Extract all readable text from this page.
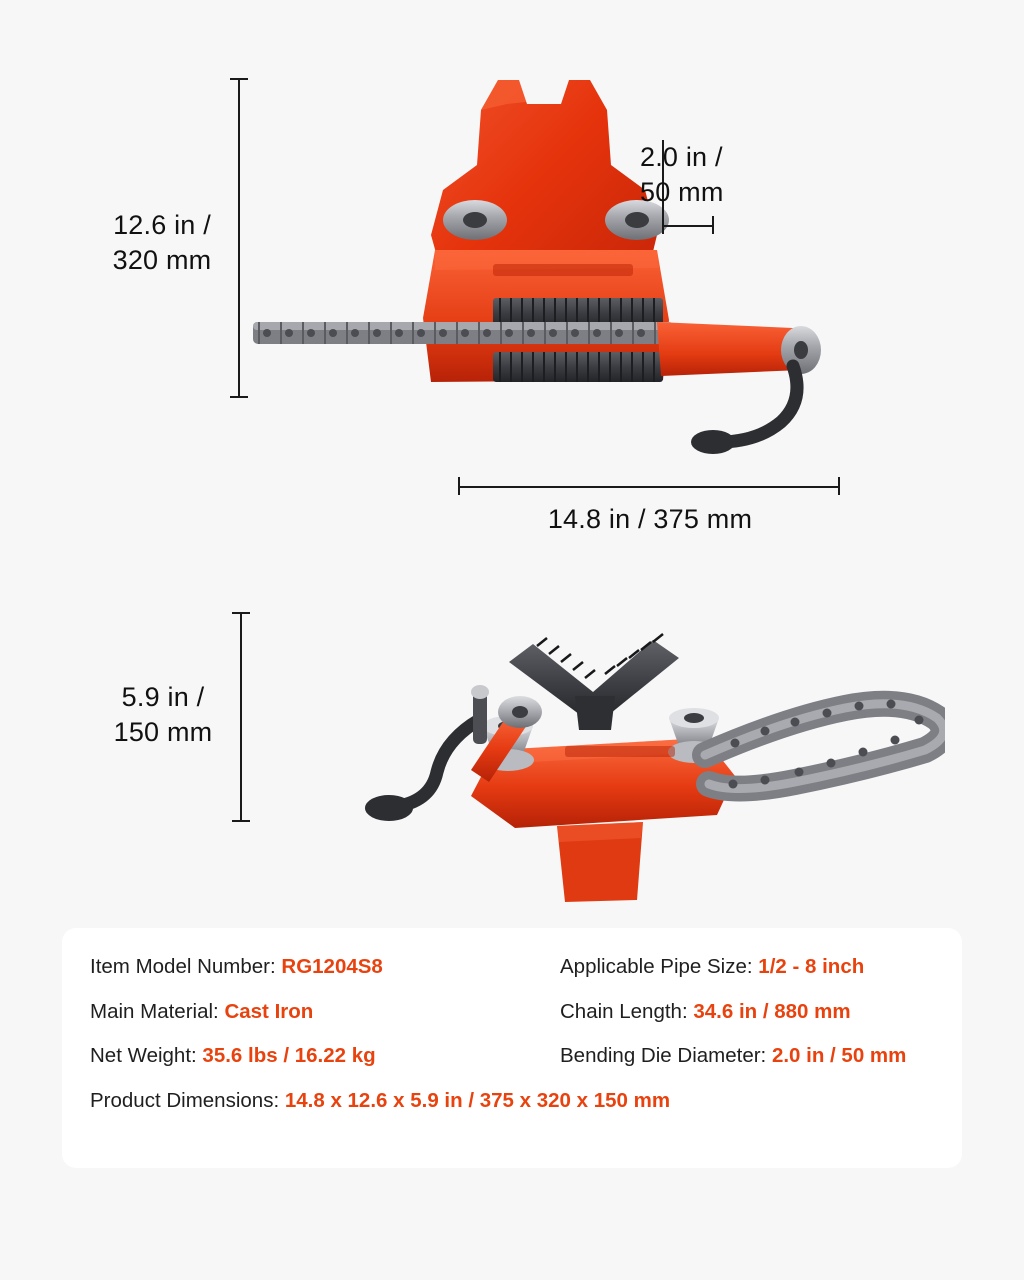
12.6 in /
320 mm
2.0 in /
50 mm
14.8 in / 375 mm
5.9 in /
150 mm
Item Model Number: RG1204S8	Applicable Pipe Size: 1/2 - 8 inch
Main Material: Cast Iron	Chain Length: 34.6 in / 880 mm
Net Weight: 35.6 lbs / 16.22 kg	Bending Die Diameter: 2.0 in / 50 mm
Product Dimensions: 14.8 x 12.6 x 5.9 in / 375 x 320 x 150 mm
